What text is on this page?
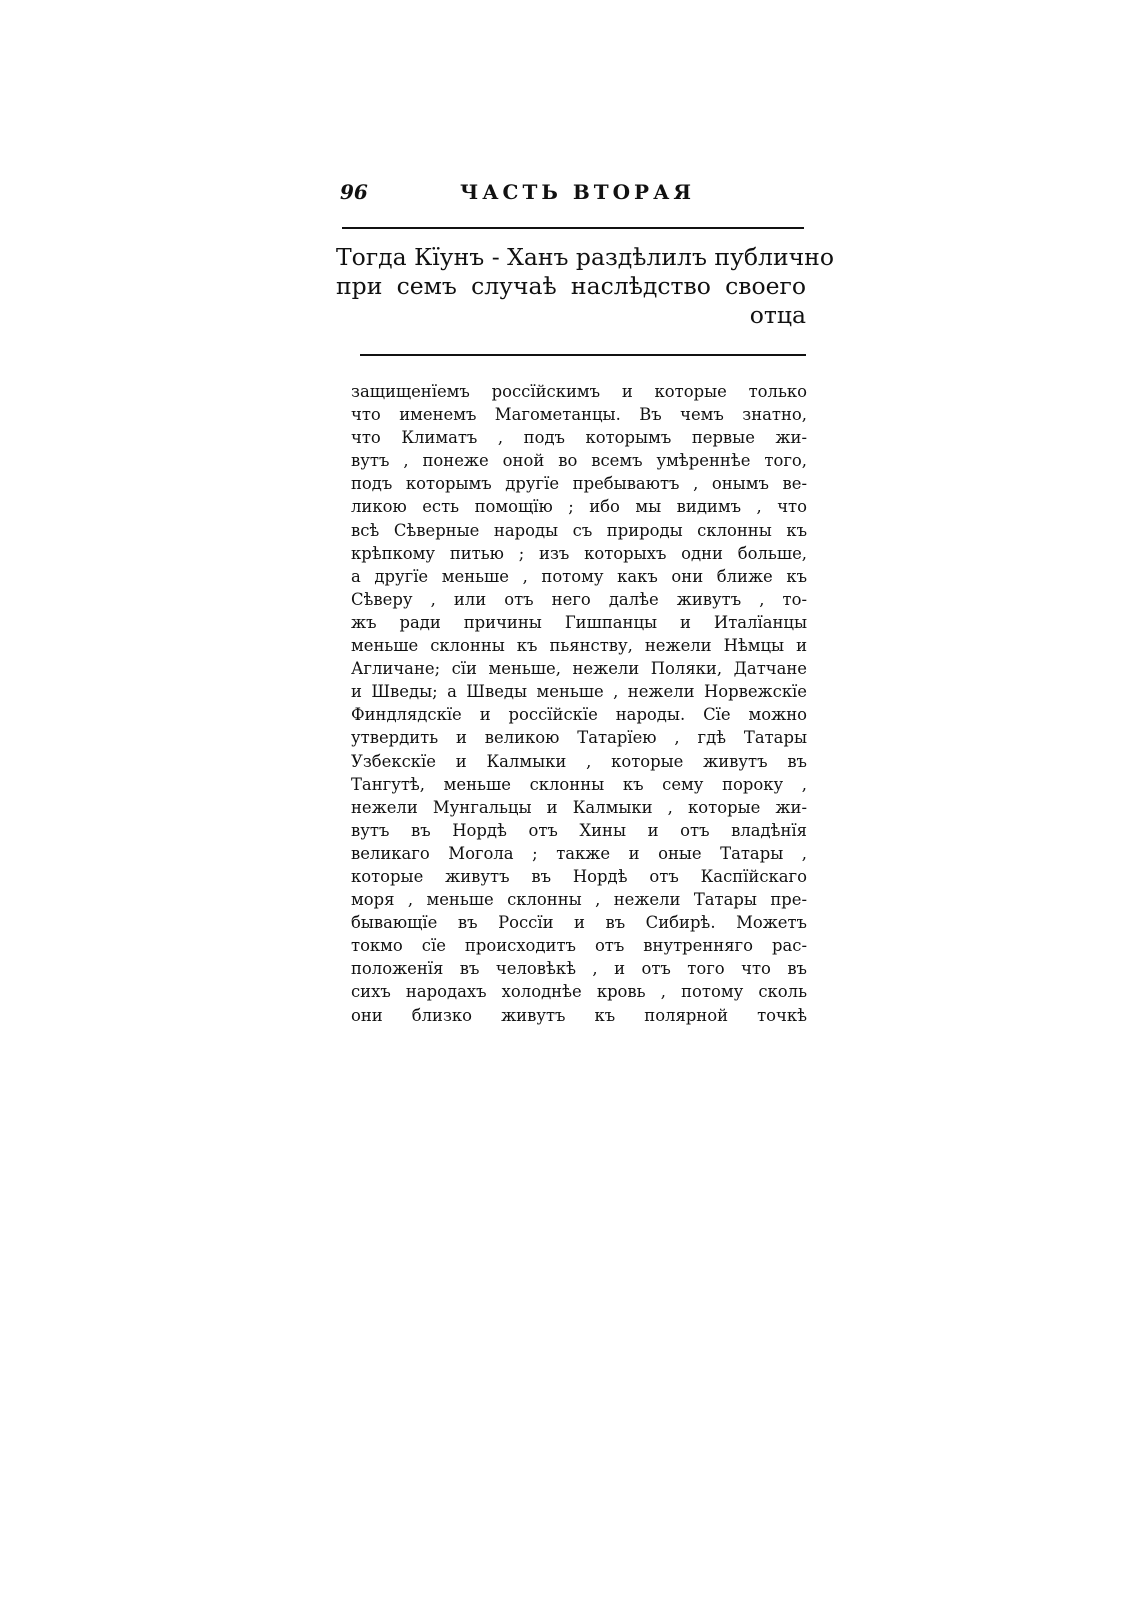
96	ЧАСТЬ ВТОРАЯ
Тогда Кїунъ - Ханъ раздѣлилъ публично
при семъ случаѣ наслѣдство своего
отца
защищенїемъ россїйскимъ и которые только
что именемъ Магометанцы. Въ чемъ знатно,
что Климатъ , подъ которымъ первые жи-
вутъ , понеже оной во всемъ умѣреннѣе того,
подъ которымъ другїе пребываютъ , онымъ ве-
ликою есть помощїю ; ибо мы видимъ , что
всѣ Сѣверные народы съ природы склонны къ
крѣпкому питью ; изъ которыхъ одни больше,
а другїе меньше , потому какъ они ближе къ
Сѣверу , или отъ него далѣе живутъ , то-
жъ ради причины Гишпанцы и Италїанцы
меньше склонны къ пьянству, нежели Нѣмцы и
Агличане; сїи меньше, нежели Поляки, Датчане
и Шведы; а Шведы меньше , нежели Норвежскїе
Финдлядскїе и россїйскїе народы. Сїе можно
утвердить и великою Татарїею , гдѣ Татары
Узбекскїе и Калмыки , которые живутъ въ
Тангутѣ, меньше склонны къ сему пороку ,
нежели Мунгальцы и Калмыки , которые жи-
вутъ въ Нордѣ отъ Хины и отъ владѣнїя
великаго Могола ; также и оные Татары ,
которые живутъ въ Нордѣ отъ Каспїйскаго
моря , меньше склонны , нежели Татары пре-
бывающїе въ Россїи и въ Сибирѣ. Можетъ
токмо сїе происходитъ отъ внутренняго рас-
положенїя въ человѣкѣ , и отъ того что въ
сихъ народахъ холоднѣе кровь , потому сколь
они близко живутъ къ полярной точкѣ
